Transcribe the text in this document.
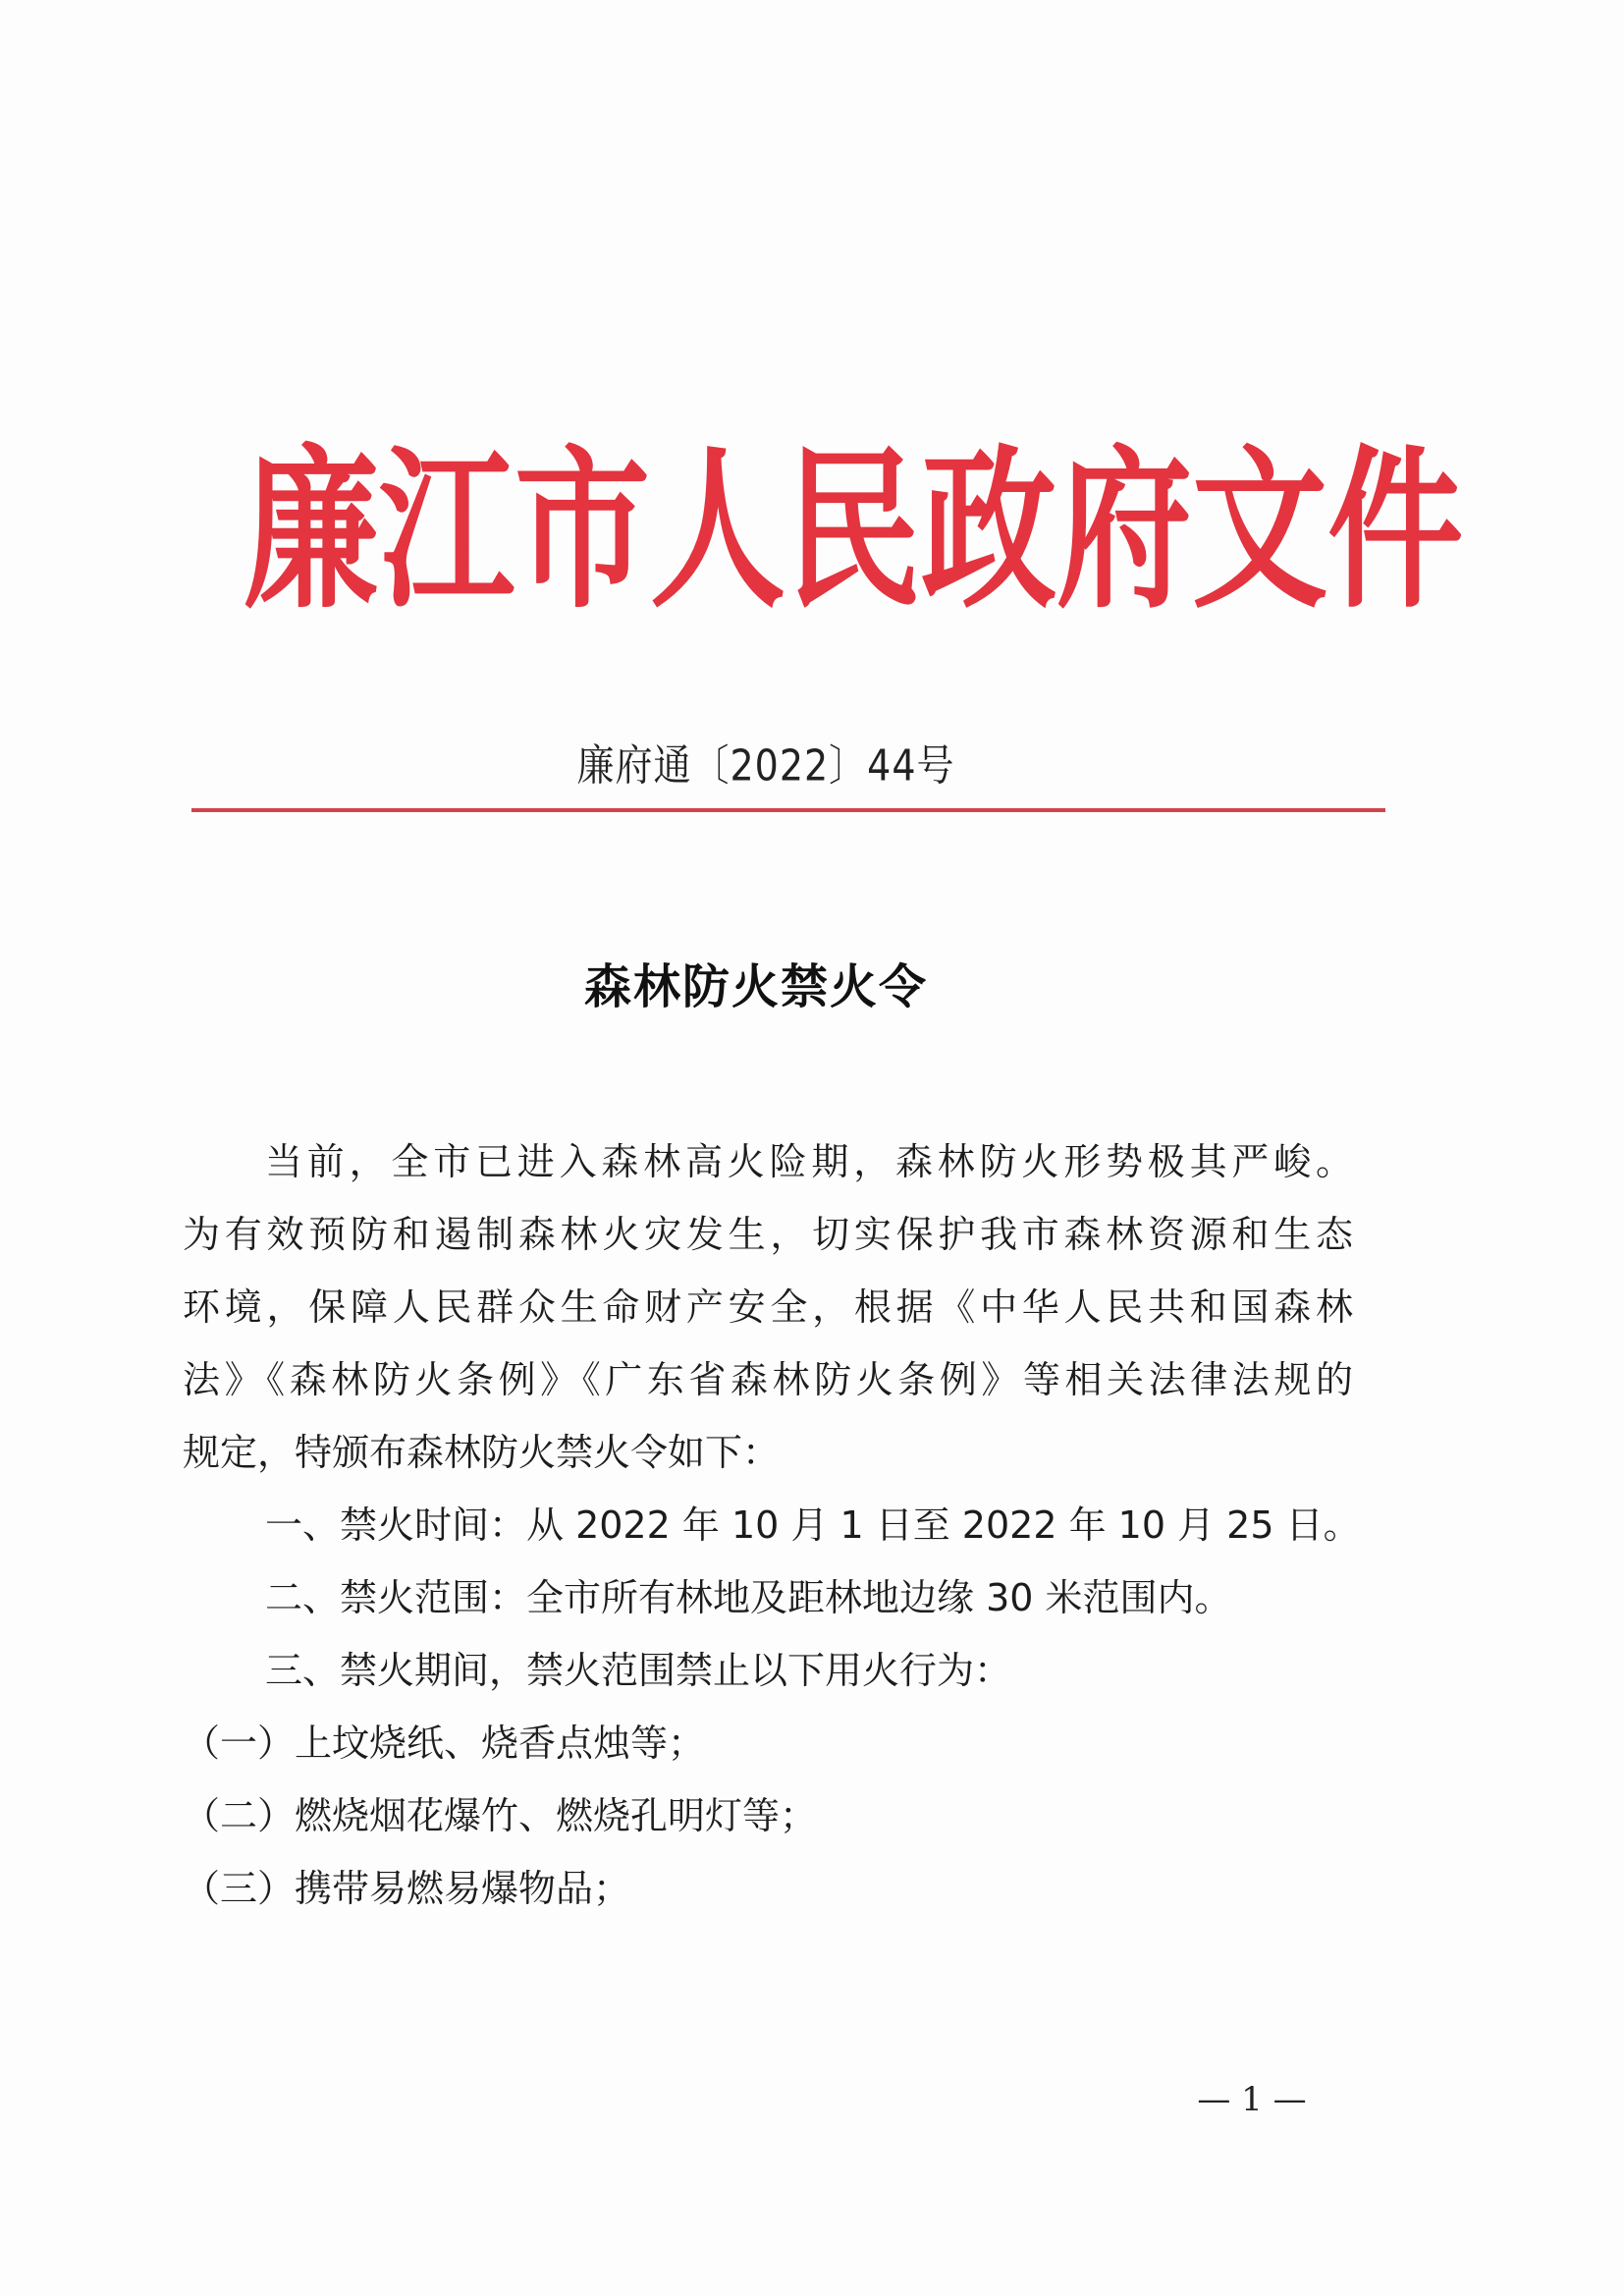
廉 江 市 人 民 政 府 文 件
廉府通〔2022〕44号
森林防火禁火令
当前，全市已进入森林高火险期，森林防火形势极其严峻。
为有效预防和遏制森林火灾发生，切实保护我市森林资源和生态
环境，保障人民群众生命财产安全，根据《中华人民共和国森林
法》《森林防火条例》《广东省森林防火条例》等相关法律法规的
规定，特颁布森林防火禁火令如下：
一、禁火时间：从 2022 年 10 月 1 日至 2022 年 10 月 25 日。
二、禁火范围：全市所有林地及距林地边缘 30 米范围内。
三、禁火期间，禁火范围禁止以下用火行为：
（一）上坟烧纸、烧香点烛等；
（二）燃烧烟花爆竹、燃烧孔明灯等；
（三）携带易燃易爆物品；
— 1 —
